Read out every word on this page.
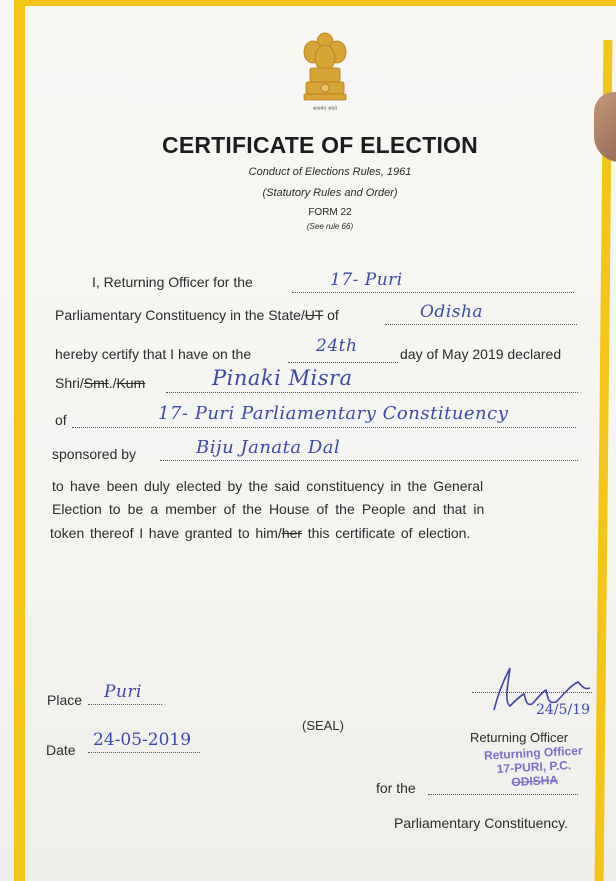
सत्यमेव जयते
CERTIFICATE OF ELECTION
Conduct of Elections Rules, 1961
(Statutory Rules and Order)
FORM 22
(See rule 66)
I, Returning Officer for the	17- Puri
Parliamentary Constituency in the State/UT of	Odisha
hereby certify that I have on the	24th	day of May 2019 declared
Shri/Smt./Kum	Pinaki Misra
of	17- Puri Parliamentary Constituency
sponsored by	Biju Janata Dal
to have been duly elected by the said constituency in the General
Election to be a member of the House of the People and that in
token thereof I have granted to him/her this certificate of election.
Place Puri
Date 24-05-2019
(SEAL)
24/5/19
Returning Officer
Returning Officer
17-PURI, P.C.
ODISHA
for the
Parliamentary Constituency.
